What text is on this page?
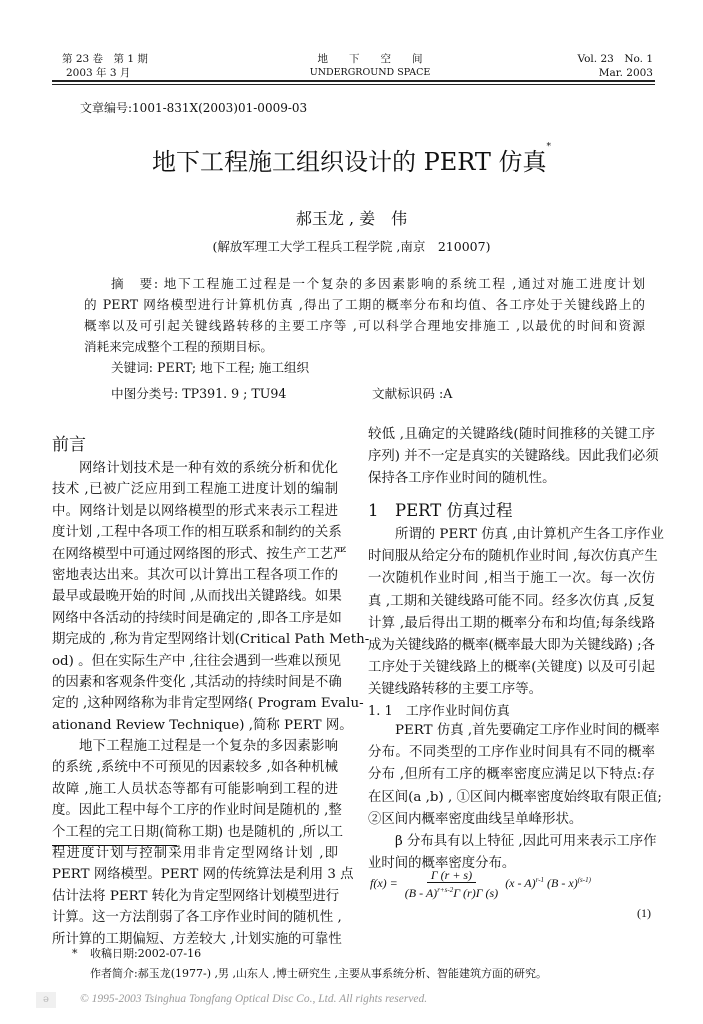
第 23 卷　第 1 期
2003 年 3 月
地　　下　　空　　间
UNDERGROUND SPACE
Vol. 23　No. 1
Mar. 2003
文章编号:1001-831X(2003)01-0009-03
地下工程施工组织设计的 PERT 仿真*
郝玉龙 , 姜　伟
(解放军理工大学工程兵工程学院 ,南京　210007)
摘　要: 地下工程施工过程是一个复杂的多因素影响的系统工程 ,通过对施工进度计划
的 PERT 网络模型进行计算机仿真 ,得出了工期的概率分布和均值、各工序处于关键线路上的
概率以及可引起关键线路转移的主要工序等 ,可以科学合理地安排施工 ,以最优的时间和资源
消耗来完成整个工程的预期目标。
关键词: PERT; 地下工程; 施工组织
中图分类号: TP391. 9 ; TU94	文献标识码 :A
前言
网络计划技术是一种有效的系统分析和优化
技术 ,已被广泛应用到工程施工进度计划的编制
中。网络计划是以网络模型的形式来表示工程进
度计划 ,工程中各项工作的相互联系和制约的关系
在网络模型中可通过网络图的形式、按生产工艺严
密地表达出来。其次可以计算出工程各项工作的
最早或最晚开始的时间 ,从而找出关键路线。如果
网络中各活动的持续时间是确定的 ,即各工序是如
期完成的 ,称为肯定型网络计划(Critical Path Meth-
od) 。但在实际生产中 ,往往会遇到一些难以预见
的因素和客观条件变化 ,其活动的持续时间是不确
定的 ,这种网络称为非肯定型网络( Program Evalu-
ationand Review Technique) ,简称 PERT 网。
地下工程施工过程是一个复杂的多因素影响
的系统 ,系统中不可预见的因素较多 ,如各种机械
故障 ,施工人员状态等都有可能影响到工程的进
度。因此工程中每个工序的作业时间是随机的 ,整
个工程的完工日期(简称工期) 也是随机的 ,所以工
程进度计划与控制采用非肯定型网络计划 ,即
PERT 网络模型。PERT 网的传统算法是利用 3 点
估计法将 PERT 转化为肯定型网络计划模型进行
计算。这一方法削弱了各工序作业时间的随机性 ,
所计算的工期偏短、方差较大 ,计划实施的可靠性
较低 ,且确定的关键路线(随时间推移的关键工序
序列) 并不一定是真实的关键路线。因此我们必须
保持各工序作业时间的随机性。
1　PERT 仿真过程
所谓的 PERT 仿真 ,由计算机产生各工序作业
时间服从给定分布的随机作业时间 ,每次仿真产生
一次随机作业时间 ,相当于施工一次。每一次仿
真 ,工期和关键线路可能不同。经多次仿真 ,反复
计算 ,最后得出工期的概率分布和均值;每条线路
成为关键线路的概率(概率最大即为关键线路) ;各
工序处于关键线路上的概率(关键度) 以及可引起
关键线路转移的主要工序等。
1. 1　工序作业时间仿真
PERT 仿真 ,首先要确定工序作业时间的概率
分布。不同类型的工序作业时间具有不同的概率
分布 ,但所有工序的概率密度应满足以下特点:存
在区间(a ,b) , ①区间内概率密度始终取有限正值;
②区间内概率密度曲线呈单峰形状。
β 分布具有以上特征 ,因此可用来表示工序作
业时间的概率密度分布。
$f(x) = \frac{\Gamma (r + s)}{(B - A)^{r+s-2}\Gamma (r)\Gamma (s)} (x - A)^{r-1}$ (B - x)$^{(s-1)}$
(1)
* 收稿日期:2002-07-16
作者简介:郝玉龙(1977-) ,男 ,山东人 ,博士研究生 ,主要从事系统分析、智能建筑方面的研究。
ə	© 1995-2003 Tsinghua Tongfang Optical Disc Co., Ltd. All rights reserved.
